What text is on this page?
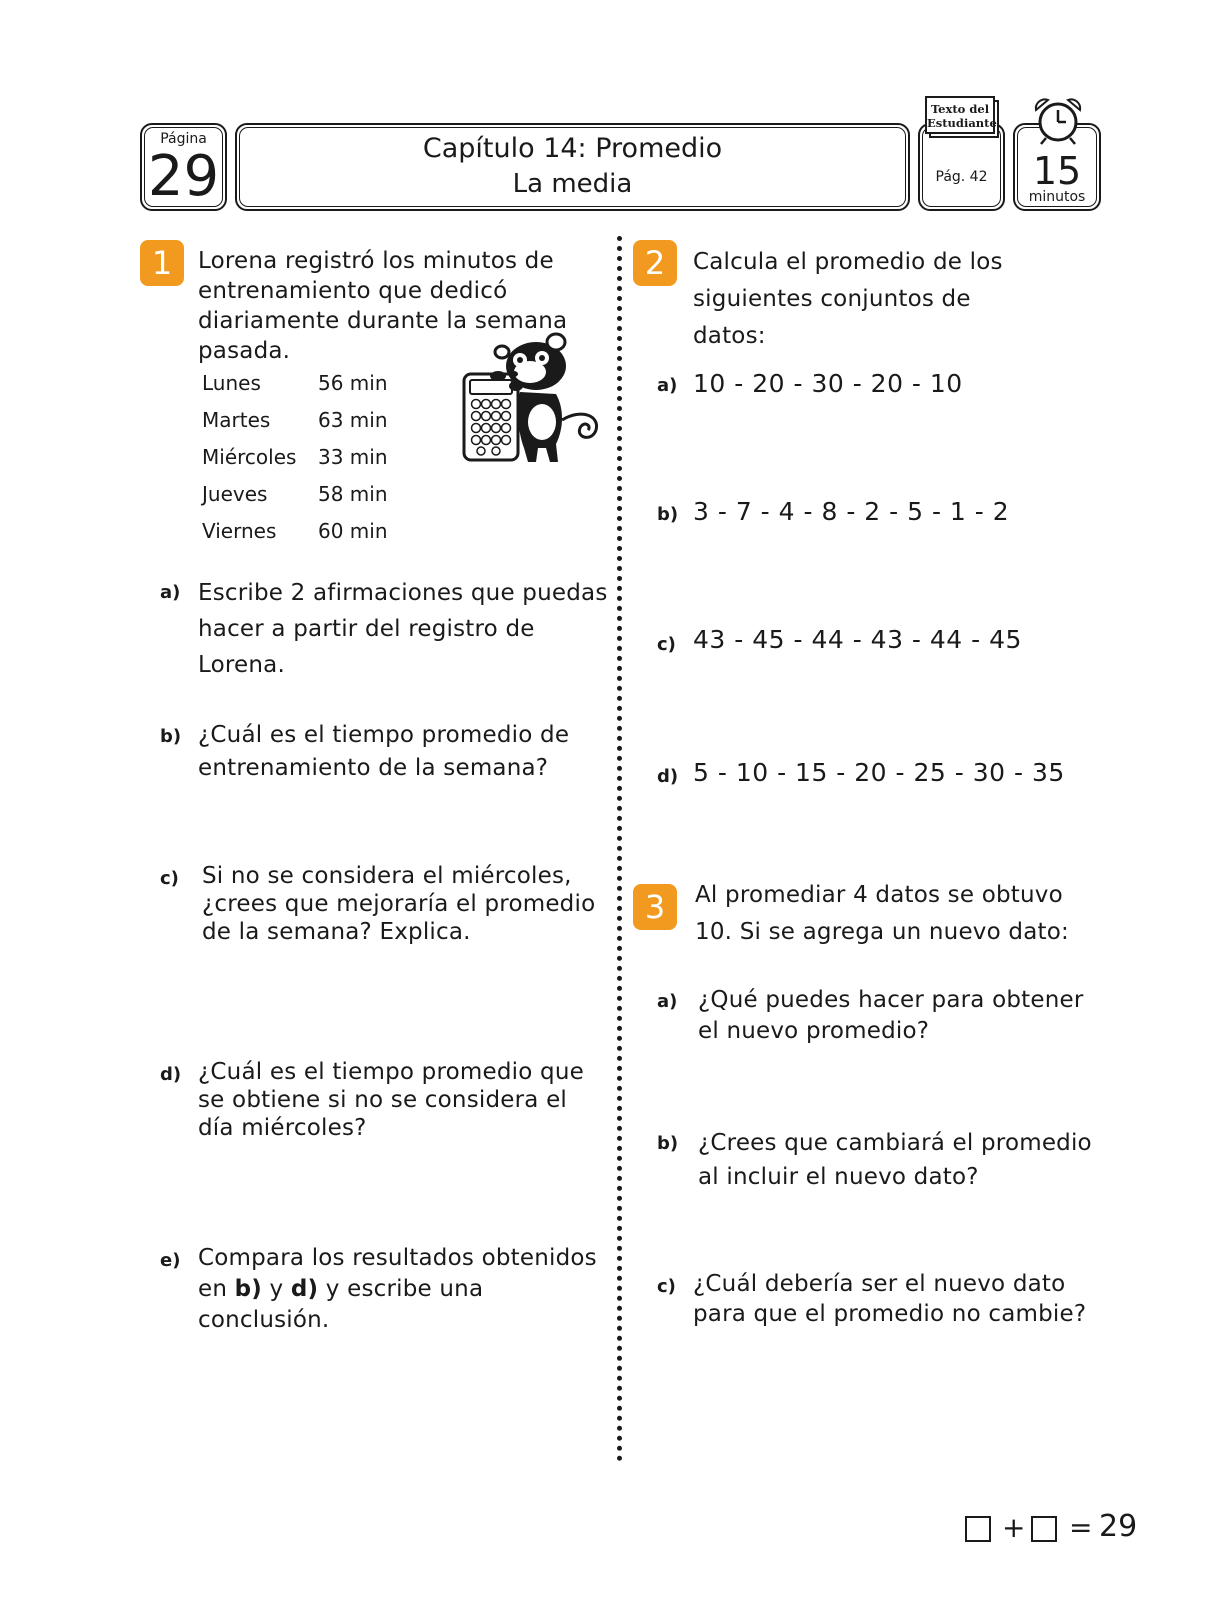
Página
29	Capítulo 14: Promedio
La media	Pág. 42
Texto del
Estudiante
15
minutos
1	Lorena registró los minutos de entrenamiento que dedicó diariamente durante la semana pasada.
Lunes	56 min
Martes 63 min
Miércoles 33 min
Jueves	58 min
Viernes 60 min
a) Escribe 2 afirmaciones que puedas hacer a partir del registro de Lorena.
b) ¿Cuál es el tiempo promedio de entrenamiento de la semana?
c) Si no se considera el miércoles, ¿crees que mejoraría el promedio de la semana? Explica.
d) ¿Cuál es el tiempo promedio que se obtiene si no se considera el día miércoles?
e) Compara los resultados obtenidos
en b) y d) y escribe una conclusión.
2	Calcula el promedio de los siguientes conjuntos de datos:
a) 10 - 20 - 30 - 20 - 10
b) 3 - 7 - 4 - 8 - 2 - 5 - 1 - 2
c) 43 - 45 - 44 - 43 - 44 - 45
d) 5 - 10 - 15 - 20 - 25 - 30 - 35
3	Al promediar 4 datos se obtuvo 10. Si se agrega un nuevo dato:
a) ¿Qué puedes hacer para obtener el nuevo promedio?
b) ¿Crees que cambiará el promedio al incluir el nuevo dato?
c) ¿Cuál debería ser el nuevo dato para que el promedio no cambie?
+ = 29
